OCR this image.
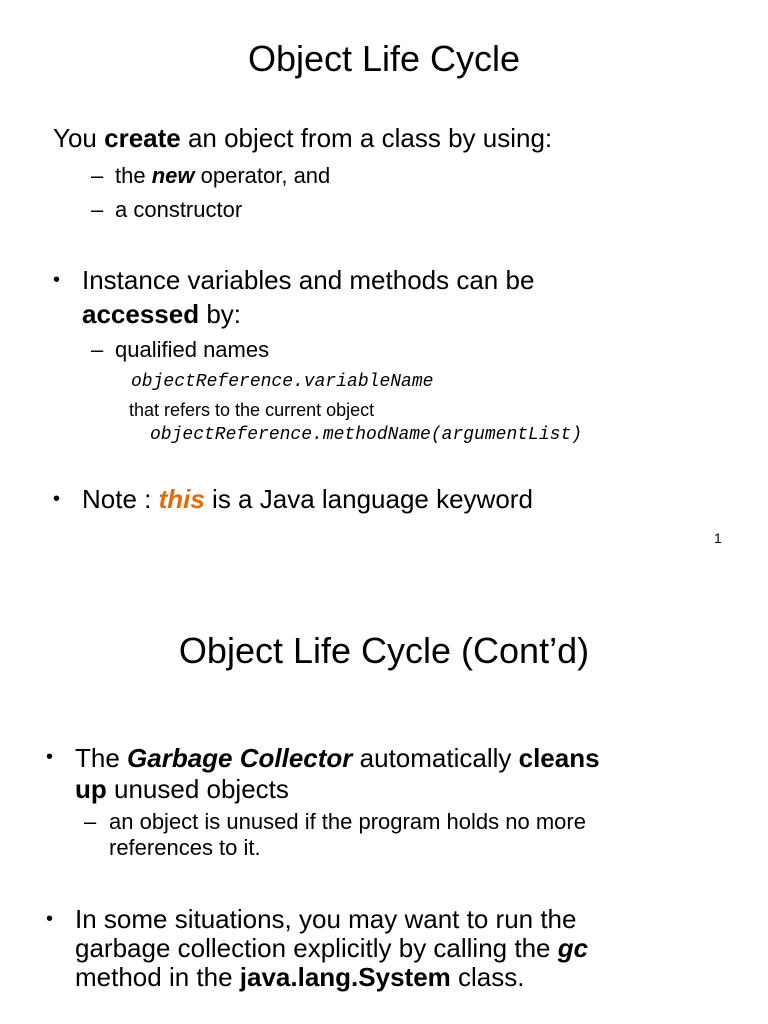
Object Life Cycle
You create an object from a class by using:
– the new operator, and
– a constructor
• Instance variables and methods can be
accessed by:
– qualified names
objectReference.variableName
that refers to the current object
objectReference.methodName(argumentList)
• Note : this is a Java language keyword
1
Object Life Cycle (Cont’d)
• The Garbage Collector automatically cleans
up unused objects
– an object is unused if the program holds no more
references to it.
• In some situations, you may want to run the
garbage collection explicitly by calling the gc
method in the java.lang.System class.
